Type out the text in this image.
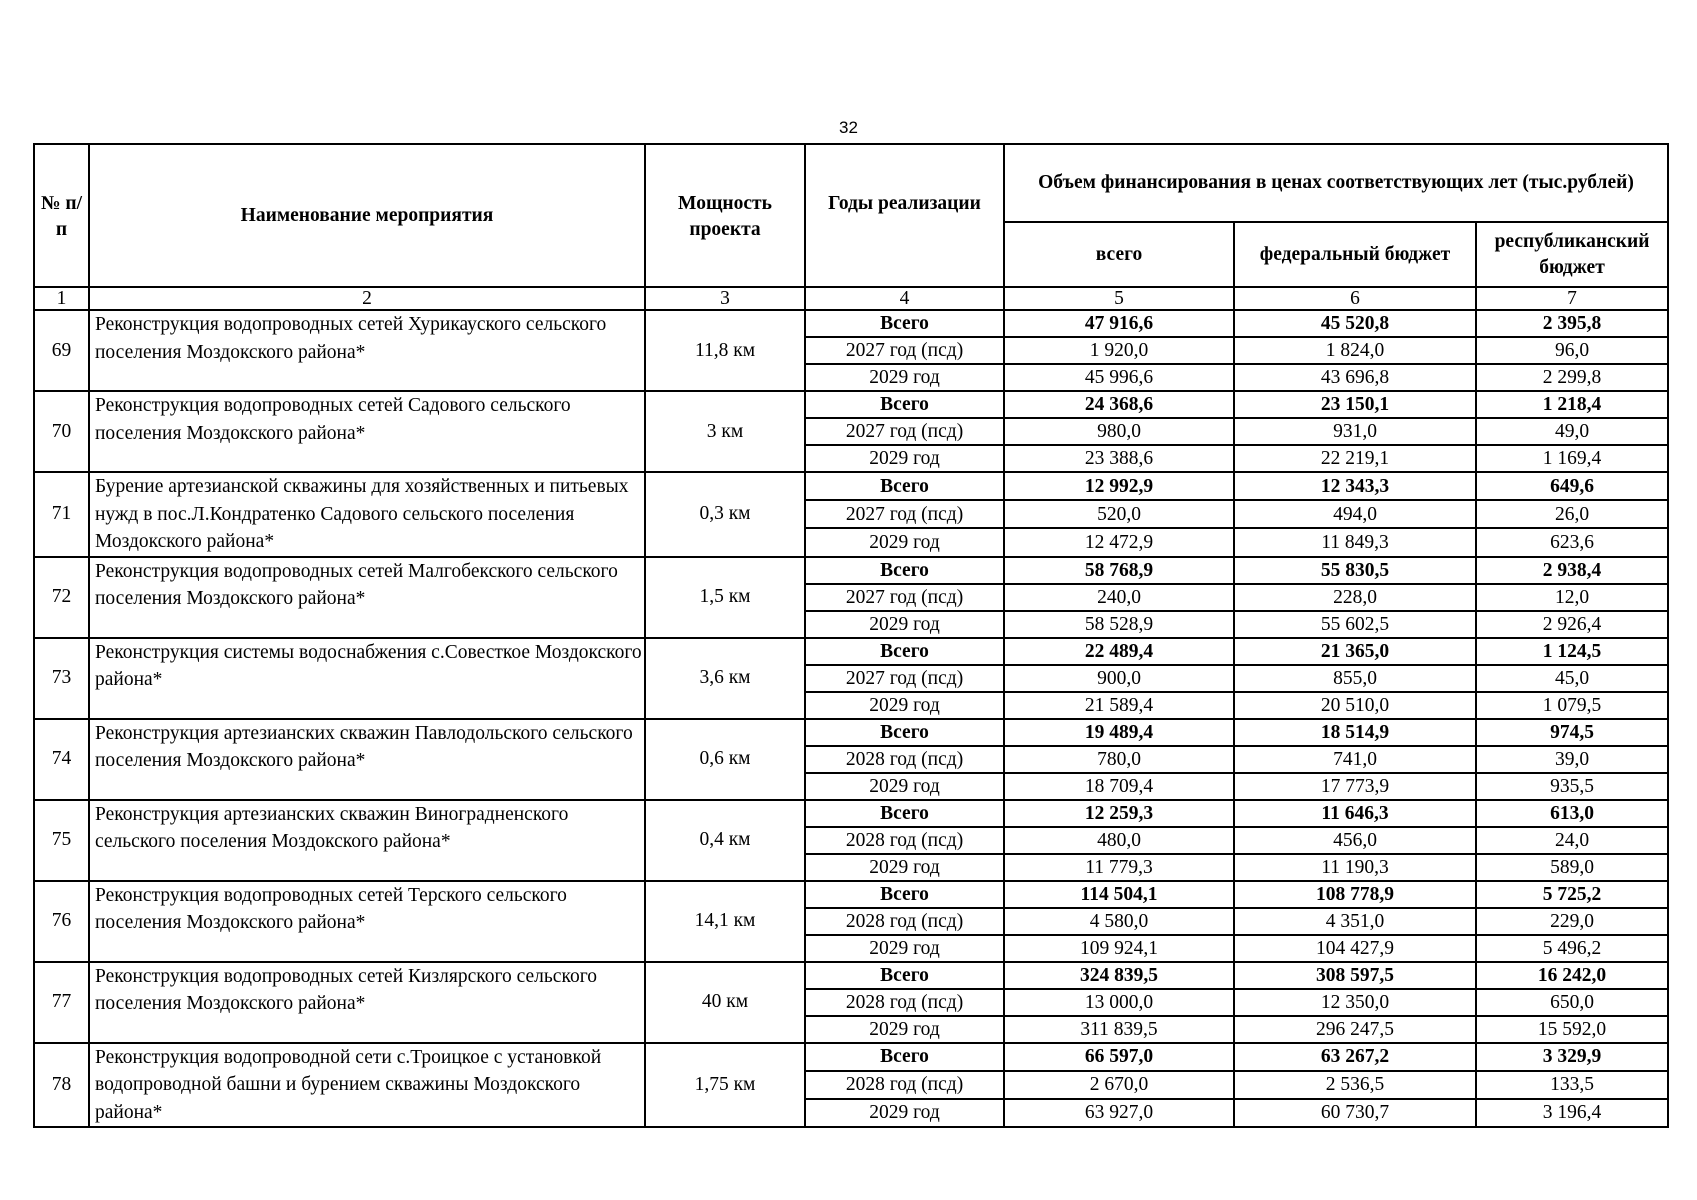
32
№ п/п	Наименование мероприятия	Мощность проекта	Годы реализации	Объем финансирования в ценах соответствующих лет (тыс.рублей)		
				всего	федеральный бюджет	республиканский бюджет
1	2	3	4	5	6	7
69	Реконструкция водопроводных сетей Хурикауского сельского поселения Моздокского района*	11,8 км	Всего	47 916,6	45 520,8	2 395,8
			2027 год (псд)	1 920,0	1 824,0	96,0
			2029 год	45 996,6	43 696,8	2 299,8
70	Реконструкция водопроводных сетей Садового сельского поселения Моздокского района*	3 км	Всего	24 368,6	23 150,1	1 218,4
			2027 год (псд)	980,0	931,0	49,0
			2029 год	23 388,6	22 219,1	1 169,4
71	Бурение артезианской скважины для хозяйственных и питьевых нужд в пос.Л.Кондратенко Садового сельского поселения Моздокского района*	0,3 км	Всего	12 992,9	12 343,3	649,6
			2027 год (псд)	520,0	494,0	26,0
			2029 год	12 472,9	11 849,3	623,6
72	Реконструкция водопроводных сетей Малгобекского сельского поселения Моздокского района*	1,5 км	Всего	58 768,9	55 830,5	2 938,4
			2027 год (псд)	240,0	228,0	12,0
			2029 год	58 528,9	55 602,5	2 926,4
73	Реконструкция системы водоснабжения с.Совесткое Моздокского района*	3,6 км	Всего	22 489,4	21 365,0	1 124,5
			2027 год (псд)	900,0	855,0	45,0
			2029 год	21 589,4	20 510,0	1 079,5
74	Реконструкция артезианских скважин Павлодольского сельского поселения Моздокского района*	0,6 км	Всего	19 489,4	18 514,9	974,5
			2028 год (псд)	780,0	741,0	39,0
			2029 год	18 709,4	17 773,9	935,5
75	Реконструкция артезианских скважин Виноградненского сельского поселения Моздокского района*	0,4 км	Всего	12 259,3	11 646,3	613,0
			2028 год (псд)	480,0	456,0	24,0
			2029 год	11 779,3	11 190,3	589,0
76	Реконструкция водопроводных сетей Терского сельского поселения Моздокского района*	14,1 км	Всего	114 504,1	108 778,9	5 725,2
			2028 год (псд)	4 580,0	4 351,0	229,0
			2029 год	109 924,1	104 427,9	5 496,2
77	Реконструкция водопроводных сетей Кизлярского сельского поселения Моздокского района*	40 км	Всего	324 839,5	308 597,5	16 242,0
			2028 год (псд)	13 000,0	12 350,0	650,0
			2029 год	311 839,5	296 247,5	15 592,0
78	Реконструкция водопроводной сети с.Троицкое с установкой водопроводной башни и бурением скважины Моздокского района*	1,75 км	Всего	66 597,0	63 267,2	3 329,9
			2028 год (псд)	2 670,0	2 536,5	133,5
			2029 год	63 927,0	60 730,7	3 196,4
